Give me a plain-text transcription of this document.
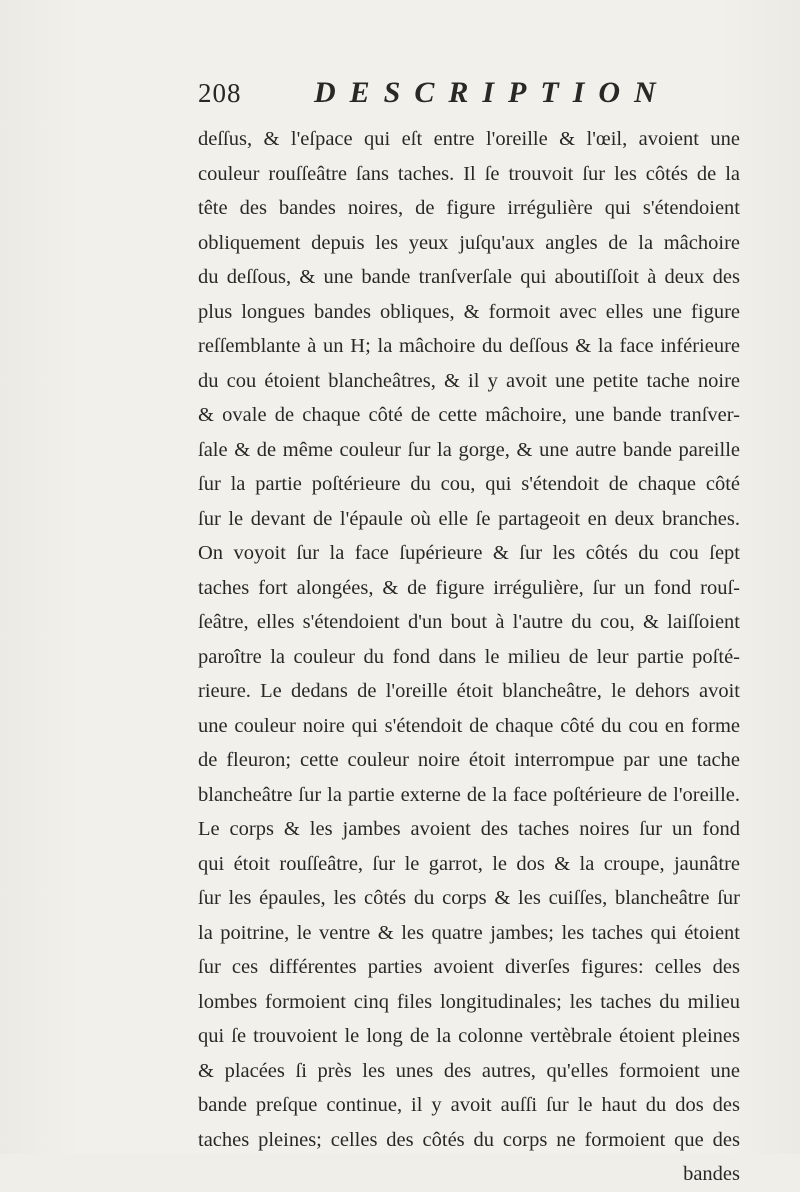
208 DESCRIPTION
deſſus, & l'eſpace qui eſt entre l'oreille & l'œil, avoient une
couleur rouſſeâtre ſans taches. Il ſe trouvoit ſur les côtés de la
tête des bandes noires, de figure irrégulière qui s'étendoient
obliquement depuis les yeux juſqu'aux angles de la mâchoire
du deſſous, & une bande tranſverſale qui aboutiſſoit à deux des
plus longues bandes obliques, & formoit avec elles une figure
reſſemblante à un H; la mâchoire du deſſous & la face inférieure
du cou étoient blancheâtres, & il y avoit une petite tache noire
& ovale de chaque côté de cette mâchoire, une bande tranſver-
ſale & de même couleur ſur la gorge, & une autre bande pareille
ſur la partie poſtérieure du cou, qui s'étendoit de chaque côté
ſur le devant de l'épaule où elle ſe partageoit en deux branches.
On voyoit ſur la face ſupérieure & ſur les côtés du cou ſept
taches fort alongées, & de figure irrégulière, ſur un fond rouſ-
ſeâtre, elles s'étendoient d'un bout à l'autre du cou, & laiſſoient
paroître la couleur du fond dans le milieu de leur partie poſté-
rieure. Le dedans de l'oreille étoit blancheâtre, le dehors avoit
une couleur noire qui s'étendoit de chaque côté du cou en forme
de fleuron; cette couleur noire étoit interrompue par une tache
blancheâtre ſur la partie externe de la face poſtérieure de l'oreille.
Le corps & les jambes avoient des taches noires ſur un fond
qui étoit rouſſeâtre, ſur le garrot, le dos & la croupe, jaunâtre
ſur les épaules, les côtés du corps & les cuiſſes, blancheâtre ſur
la poitrine, le ventre & les quatre jambes; les taches qui étoient
ſur ces différentes parties avoient diverſes figures: celles des
lombes formoient cinq files longitudinales; les taches du milieu
qui ſe trouvoient le long de la colonne vertèbrale étoient pleines
& placées ſi près les unes des autres, qu'elles formoient une
bande preſque continue, il y avoit auſſi ſur le haut du dos des
taches pleines; celles des côtés du corps ne formoient que des
bandes
